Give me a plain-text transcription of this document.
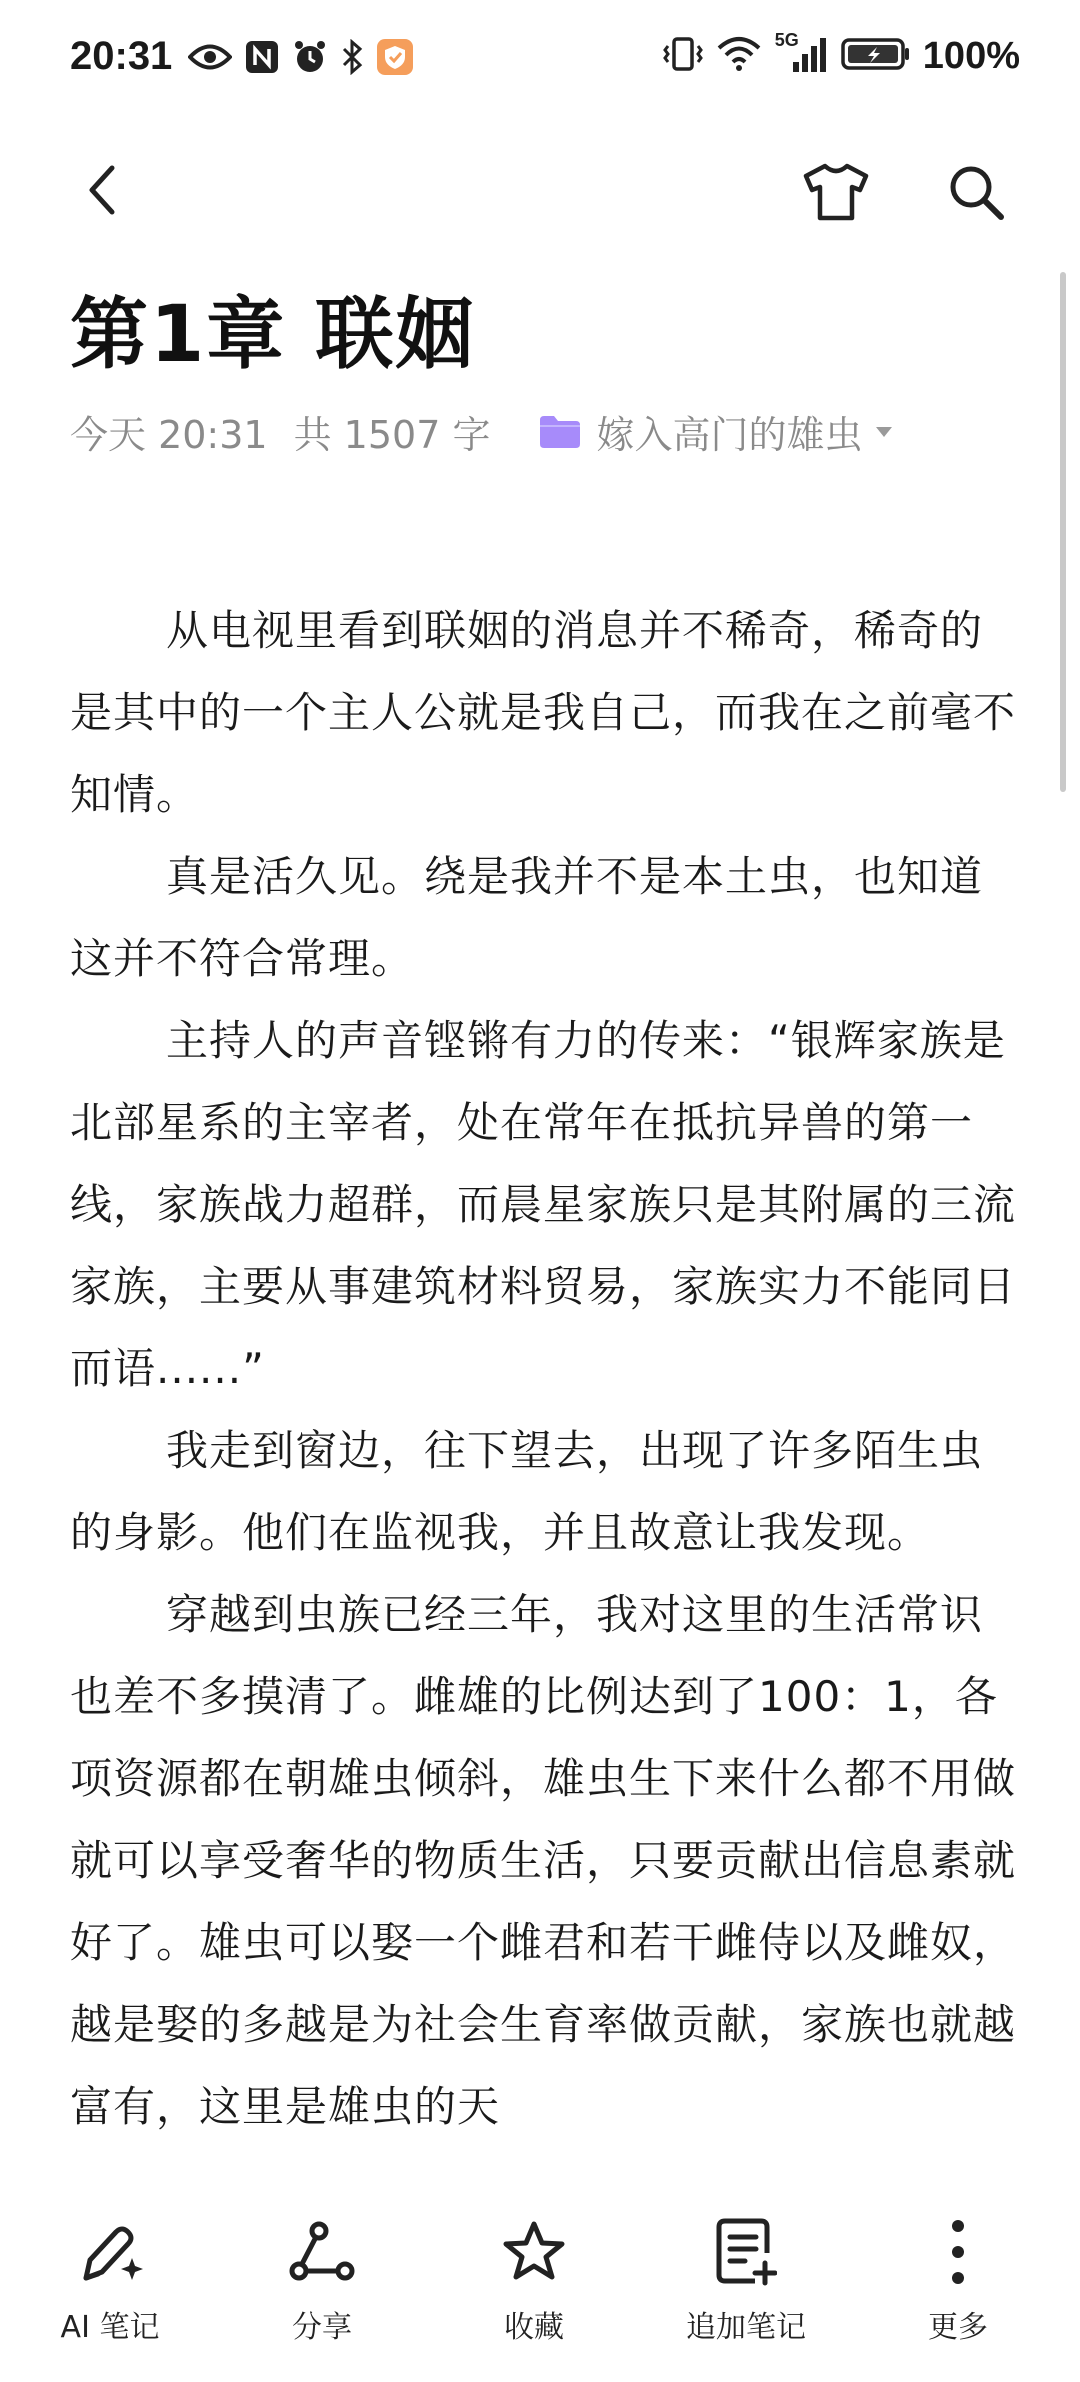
20:31	5G	100%
第1章 联姻
今天 20:31 共 1507 字	嫁入高门的雄虫

从电视里看到联姻的消息并不稀奇，稀奇的是其中的一个主人公就是我自己，而我在之前毫不知情。

真是活久见。绕是我并不是本土虫，也知道这并不符合常理。

主持人的声音铿锵有力的传来：“银辉家族是北部星系的主宰者，处在常年在抵抗异兽的第一线，家族战力超群，而晨星家族只是其附属的三流家族，主要从事建筑材料贸易，家族实力不能同日而语......”

我走到窗边，往下望去，出现了许多陌生虫的身影。他们在监视我，并且故意让我发现。

穿越到虫族已经三年，我对这里的生活常识也差不多摸清了。雌雄的比例达到了100：1，各项资源都在朝雄虫倾斜，雄虫生下来什么都不用做就可以享受奢华的物质生活，只要贡献出信息素就好了。雄虫可以娶一个雌君和若干雌侍以及雌奴，越是娶的多越是为社会生育率做贡献，家族也就越富有，这里是雄虫的天

AI 笔记	分享	收藏	追加笔记	更多
